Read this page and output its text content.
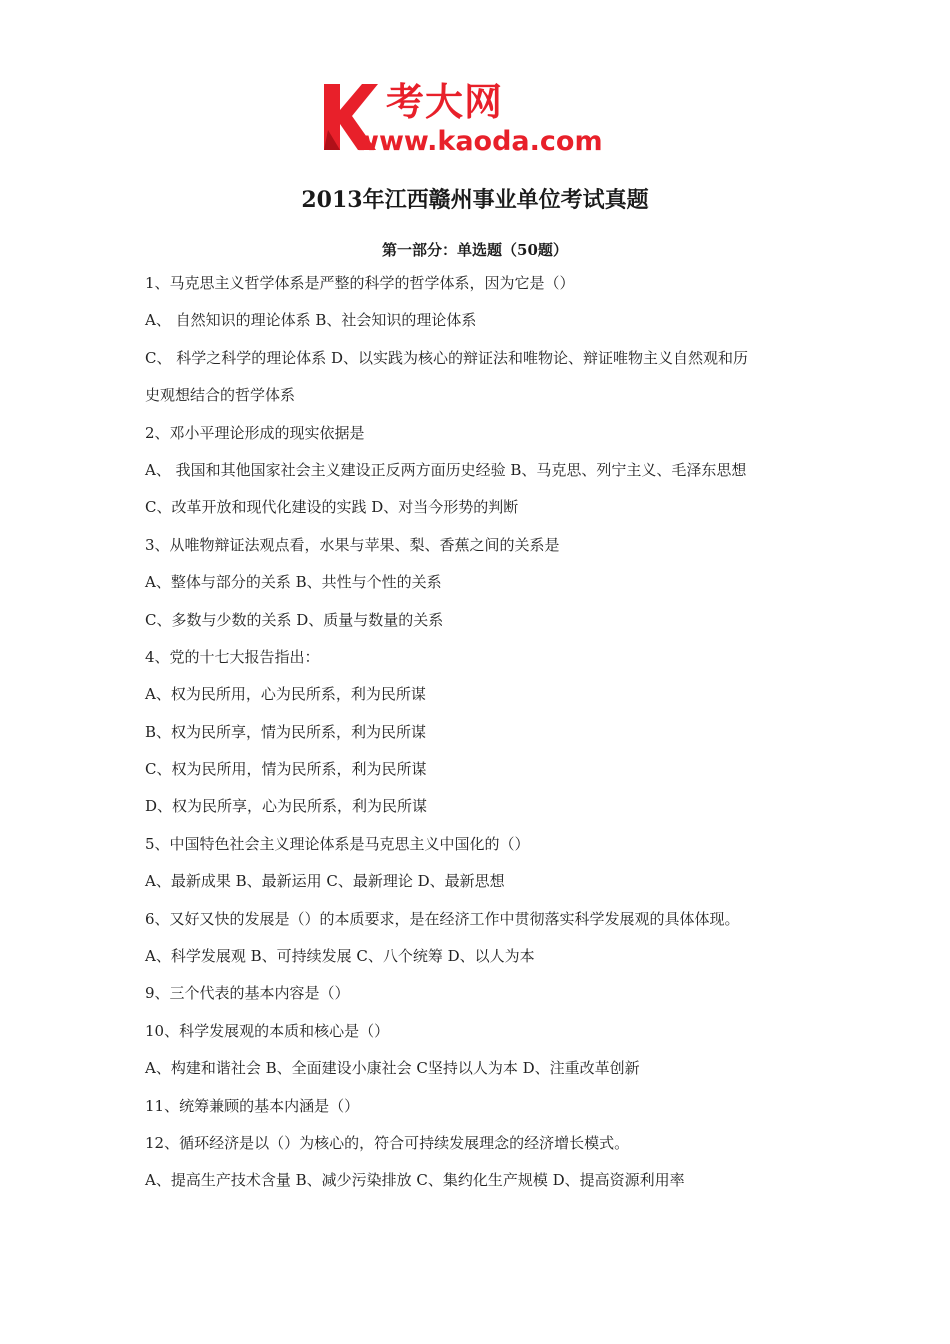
考大网
www.kaoda.com
2013年江西赣州事业单位考试真题
第一部分：单选题（50题）
1、马克思主义哲学体系是严整的科学的哲学体系，因为它是（）
A、 自然知识的理论体系 B、社会知识的理论体系
C、 科学之科学的理论体系 D、以实践为核心的辩证法和唯物论、辩证唯物主义自然观和历
史观想结合的哲学体系
2、邓小平理论形成的现实依据是
A、 我国和其他国家社会主义建设正反两方面历史经验 B、马克思、列宁主义、毛泽东思想
C、改革开放和现代化建设的实践 D、对当今形势的判断
3、从唯物辩证法观点看，水果与苹果、梨、香蕉之间的关系是
A、整体与部分的关系 B、共性与个性的关系
C、多数与少数的关系 D、质量与数量的关系
4、党的十七大报告指出：
A、权为民所用，心为民所系，利为民所谋
B、权为民所享，情为民所系，利为民所谋
C、权为民所用，情为民所系，利为民所谋
D、权为民所享，心为民所系，利为民所谋
5、中国特色社会主义理论体系是马克思主义中国化的（）
A、最新成果 B、最新运用 C、最新理论 D、最新思想
6、又好又快的发展是（）的本质要求，是在经济工作中贯彻落实科学发展观的具体体现。
A、科学发展观 B、可持续发展 C、八个统筹 D、以人为本
9、三个代表的基本内容是（）
10、科学发展观的本质和核心是（）
A、构建和谐社会 B、全面建设小康社会 C坚持以人为本 D、注重改革创新
11、统筹兼顾的基本内涵是（）
12、循环经济是以（）为核心的，符合可持续发展理念的经济增长模式。
A、提高生产技术含量 B、减少污染排放 C、集约化生产规模 D、提高资源利用率
